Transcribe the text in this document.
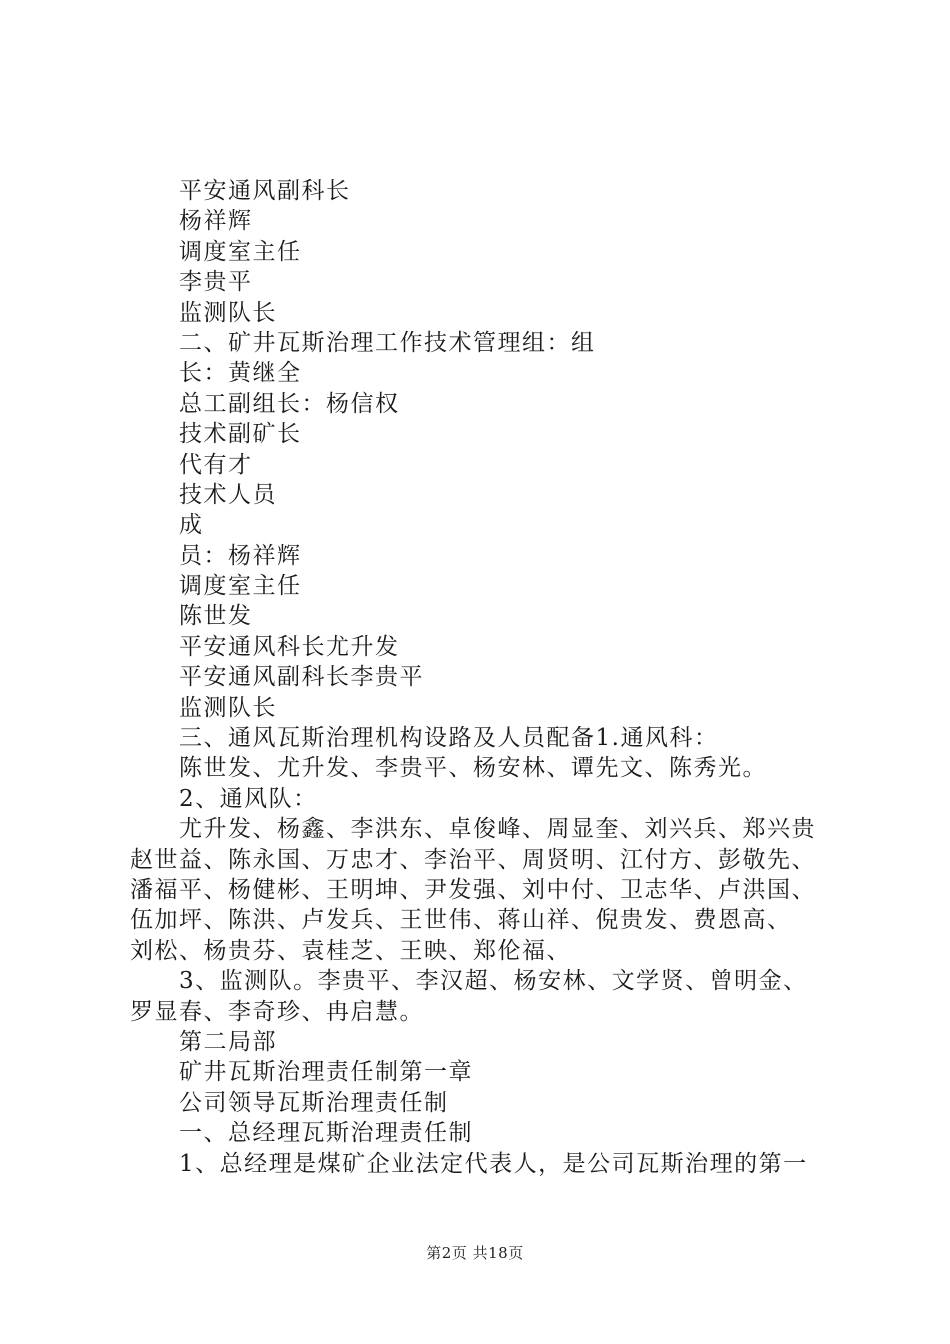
平安通风副科长
杨祥辉
调度室主任
李贵平
监测队长
二、矿井瓦斯治理工作技术管理组：组
长：黄继全
总工副组长：杨信权
技术副矿长
代有才
技术人员
成
员：杨祥辉
调度室主任
陈世发
平安通风科长尤升发
平安通风副科长李贵平
监测队长
三、通风瓦斯治理机构设路及人员配备1.通风科：
陈世发、尤升发、李贵平、杨安林、谭先文、陈秀光。
2、通风队：
尤升发、杨鑫、李洪东、卓俊峰、周显奎、刘兴兵、郑兴贵
赵世益、陈永国、万忠才、李治平、周贤明、江付方、彭敬先、
潘福平、杨健彬、王明坤、尹发强、刘中付、卫志华、卢洪国、
伍加坪、陈洪、卢发兵、王世伟、蒋山祥、倪贵发、费恩高、
刘松、杨贵芬、袁桂芝、王映、郑伦福、
3、监测队。李贵平、李汉超、杨安林、文学贤、曾明金、
罗显春、李奇珍、冉启慧。
第二局部
矿井瓦斯治理责任制第一章
公司领导瓦斯治理责任制
一、总经理瓦斯治理责任制
1、总经理是煤矿企业法定代表人，是公司瓦斯治理的第一
第2页 共18页
